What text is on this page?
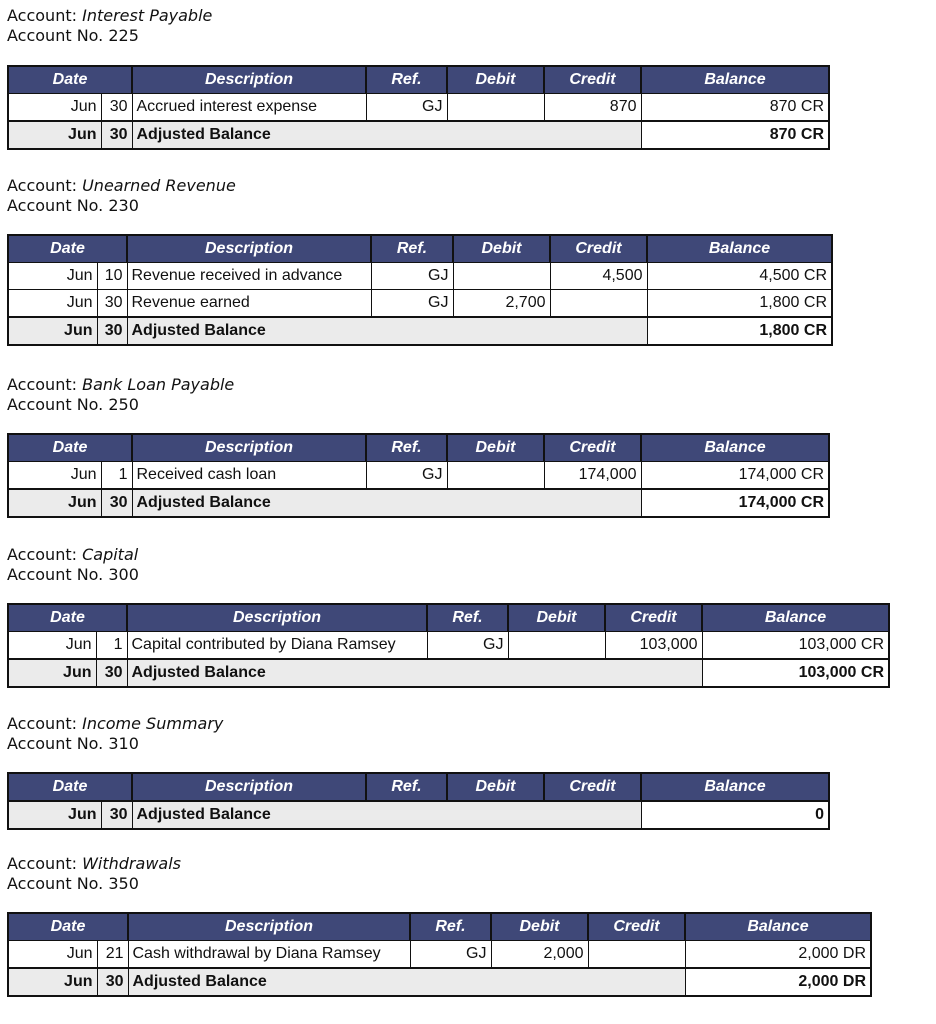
Account: Interest Payable
Account No. 225
Date		Description	Ref.	Debit	Credit	Balance
Jun	30	Accrued interest expense	GJ		870	870 CR
Jun	30	Adjusted Balance				870 CR
Account: Unearned Revenue
Account No. 230
Date		Description	Ref.	Debit	Credit	Balance
Jun	10	Revenue received in advance	GJ		4,500	4,500 CR
Jun	30	Revenue earned	GJ	2,700		1,800 CR
Jun	30	Adjusted Balance				1,800 CR
Account: Bank Loan Payable
Account No. 250
Date		Description	Ref.	Debit	Credit	Balance
Jun	1	Received cash loan	GJ		174,000	174,000 CR
Jun	30	Adjusted Balance				174,000 CR
Account: Capital
Account No. 300
Date		Description	Ref.	Debit	Credit	Balance
Jun	1	Capital contributed by Diana Ramsey	GJ		103,000	103,000 CR
Jun	30	Adjusted Balance				103,000 CR
Account: Income Summary
Account No. 310
Date		Description	Ref.	Debit	Credit	Balance
Jun	30	Adjusted Balance				0
Account: Withdrawals
Account No. 350
Date		Description	Ref.	Debit	Credit	Balance
Jun	21	Cash withdrawal by Diana Ramsey	GJ	2,000		2,000 DR
Jun	30	Adjusted Balance				2,000 DR
